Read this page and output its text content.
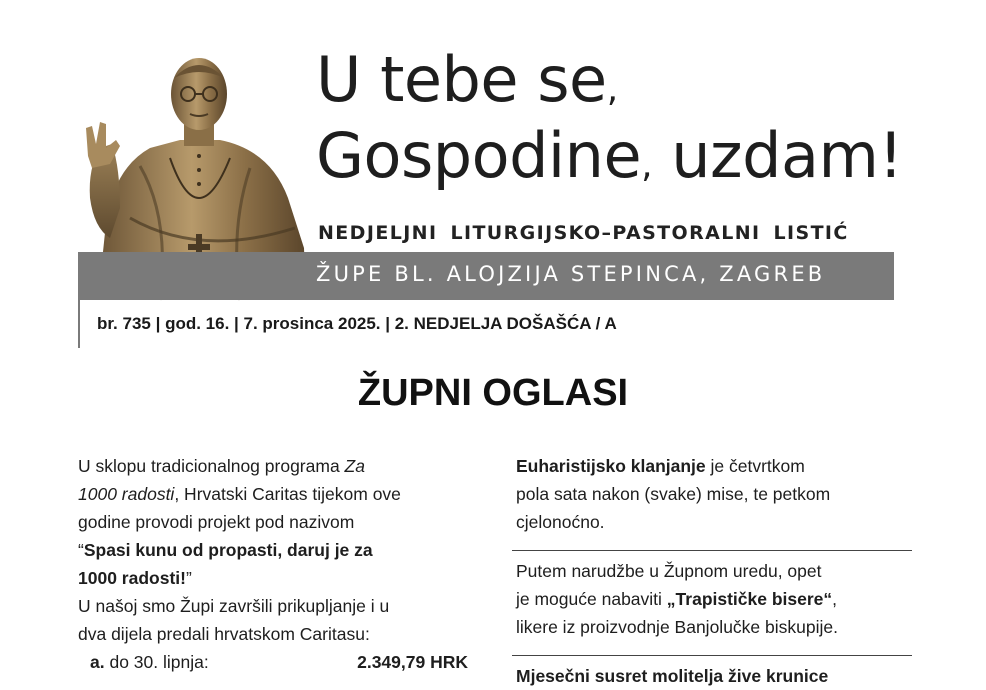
U tebe se,
Gospodine, uzdam!
NEDJELJNI LITURGIJSKO–PASTORALNI LISTIĆ
ŽUPE BL. ALOJZIJA STEPINCA, ZAGREB
br. 735 | god. 16. | 7. prosinca 2025. | 2. NEDJELJA DOŠAŠĆA / A
ŽUPNI OGLASI
U sklopu tradicionalnog programa Za
1000 radosti, Hrvatski Caritas tijekom ove
godine provodi projekt pod nazivom
“Spasi kunu od propasti, daruj je za
1000 radosti!”
U našoj smo Župi završili prikupljanje i u
dva dijela predali hrvatskom Caritasu:
a. do 30. lipnja:	2.349,79 HRK
Euharistijsko klanjanje je četvrtkom
pola sata nakon (svake) mise, te petkom
cjelonoćno.
Putem narudžbe u Župnom uredu, opet
je moguće nabaviti „Trapističke bisere“,
likere iz proizvodnje Banjolučke biskupije.
Mjesečni susret molitelja žive krunice
